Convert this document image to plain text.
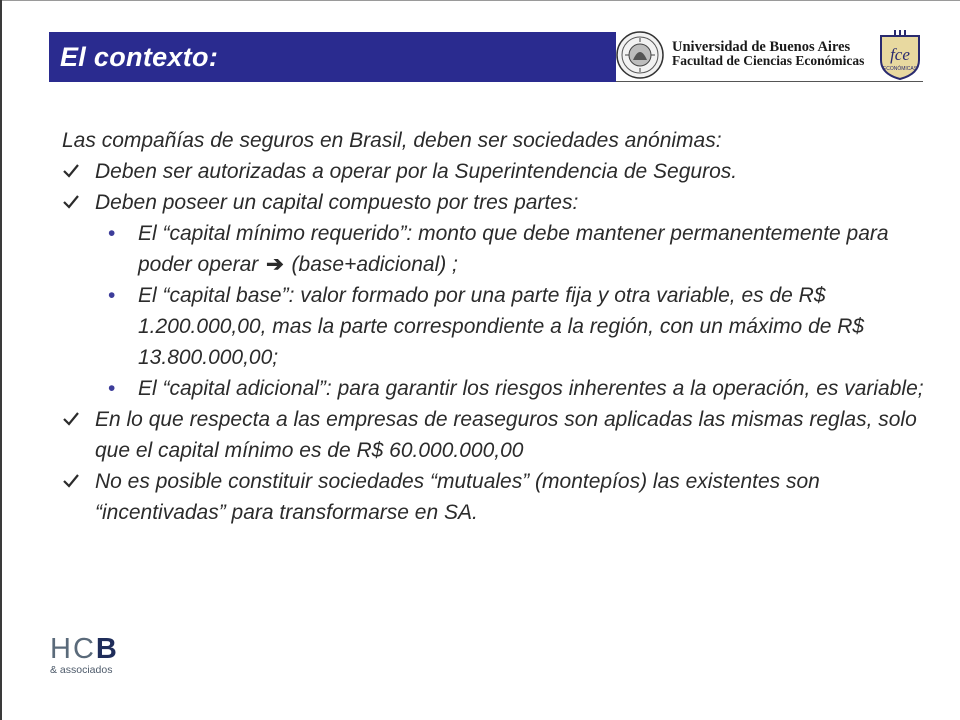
El contexto:	Universidad de Buenos Aires
Facultad de Ciencias Económicas	fce
ECONÓMICAS
Las compañías de seguros en Brasil, deben ser sociedades anónimas:
Deben ser autorizadas a operar por la Superintendencia de Seguros.
Deben poseer un capital compuesto por tres partes:
• El “capital mínimo requerido”: monto que debe mantener permanentemente para poder operar ➔ (base+adicional) ;
• El “capital base”: valor formado por una parte fija y otra variable, es de R$ 1.200.000,00, mas la parte correspondiente a la región, con un máximo de R$ 13.800.000,00;
• El “capital adicional”: para garantir los riesgos inherentes a la operación, es variable;
En lo que respecta a las empresas de reaseguros son aplicadas las mismas reglas, solo que el capital mínimo es de R$ 60.000.000,00
No es posible constituir sociedades “mutuales” (montepíos) las existentes son “incentivadas” para transformarse en SA.
H C B
& associados
